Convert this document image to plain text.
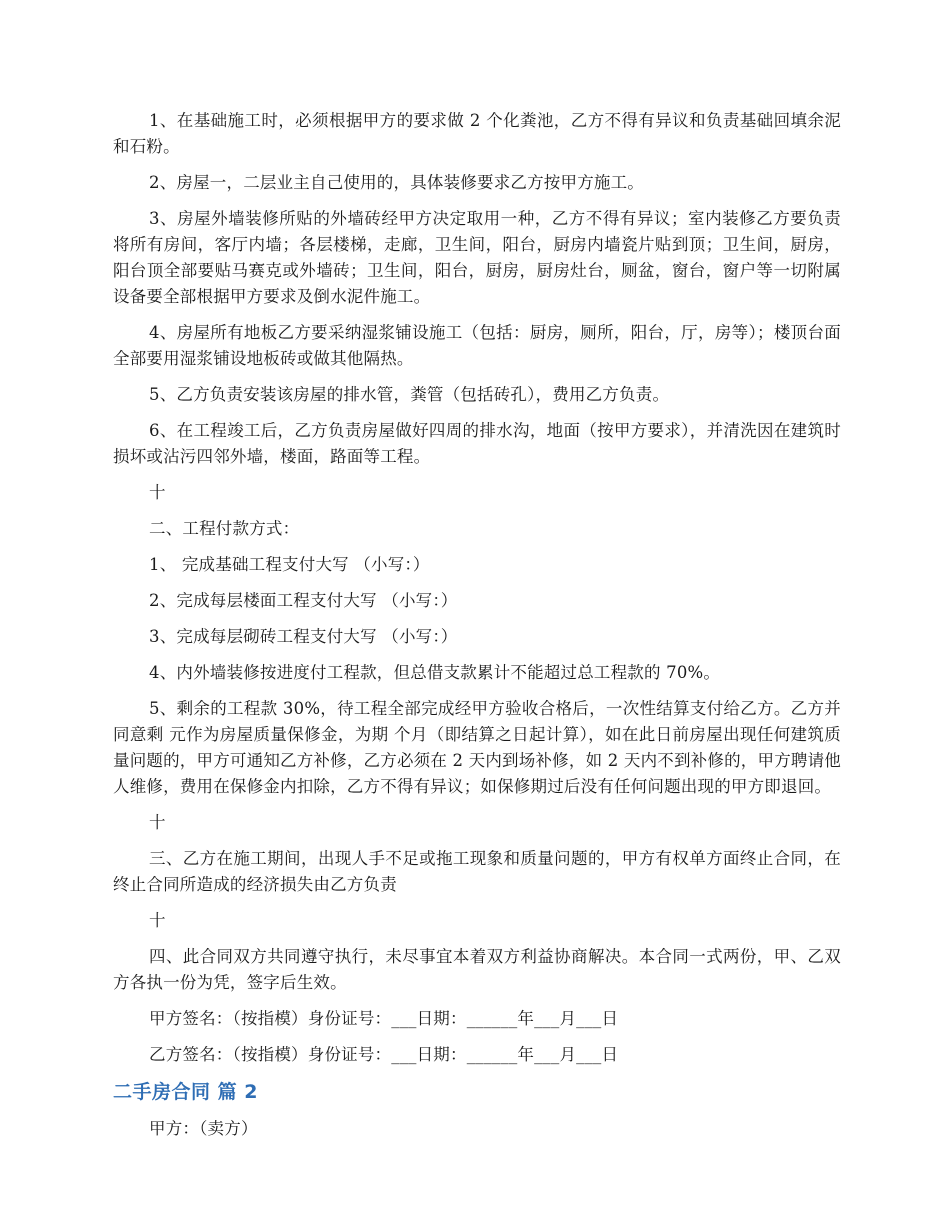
1、在基础施工时，必须根据甲方的要求做 2 个化粪池，乙方不得有异议和负责基础回填余泥和石粉。

2、房屋一，二层业主自己使用的，具体装修要求乙方按甲方施工。

3、房屋外墙装修所贴的外墙砖经甲方决定取用一种，乙方不得有异议；室内装修乙方要负责将所有房间，客厅内墙；各层楼梯，走廊，卫生间，阳台，厨房内墙瓷片贴到顶；卫生间，厨房，阳台顶全部要贴马赛克或外墙砖；卫生间，阳台，厨房，厨房灶台，厕盆，窗台，窗户等一切附属设备要全部根据甲方要求及倒水泥件施工。

4、房屋所有地板乙方要采纳湿浆铺设施工（包括：厨房，厕所，阳台，厅，房等）；楼顶台面全部要用湿浆铺设地板砖或做其他隔热。

5、乙方负责安装该房屋的排水管，粪管（包括砖孔），费用乙方负责。

6、在工程竣工后，乙方负责房屋做好四周的排水沟，地面（按甲方要求），并清洗因在建筑时损坏或沾污四邻外墙，楼面，路面等工程。

十

二、工程付款方式：

1、 完成基础工程支付大写 （小写：）

2、完成每层楼面工程支付大写 （小写：）

3、完成每层砌砖工程支付大写 （小写：）

4、内外墙装修按进度付工程款，但总借支款累计不能超过总工程款的 70%。

5、剩余的工程款 30%，待工程全部完成经甲方验收合格后，一次性结算支付给乙方。乙方并同意剩 元作为房屋质量保修金，为期 个月（即结算之日起计算），如在此日前房屋出现任何建筑质量问题的，甲方可通知乙方补修，乙方必须在 2 天内到场补修，如 2 天内不到补修的，甲方聘请他人维修，费用在保修金内扣除，乙方不得有异议；如保修期过后没有任何问题出现的甲方即退回。

十

三、乙方在施工期间，出现人手不足或拖工现象和质量问题的，甲方有权单方面终止合同，在终止合同所造成的经济损失由乙方负责

十

四、此合同双方共同遵守执行，未尽事宜本着双方利益协商解决。本合同一式两份，甲、乙双方各执一份为凭，签字后生效。

甲方签名：（按指模）身份证号：___日期：______年___月___日

乙方签名：（按指模）身份证号：___日期：______年___月___日

二手房合同 篇 2

甲方：（卖方）
